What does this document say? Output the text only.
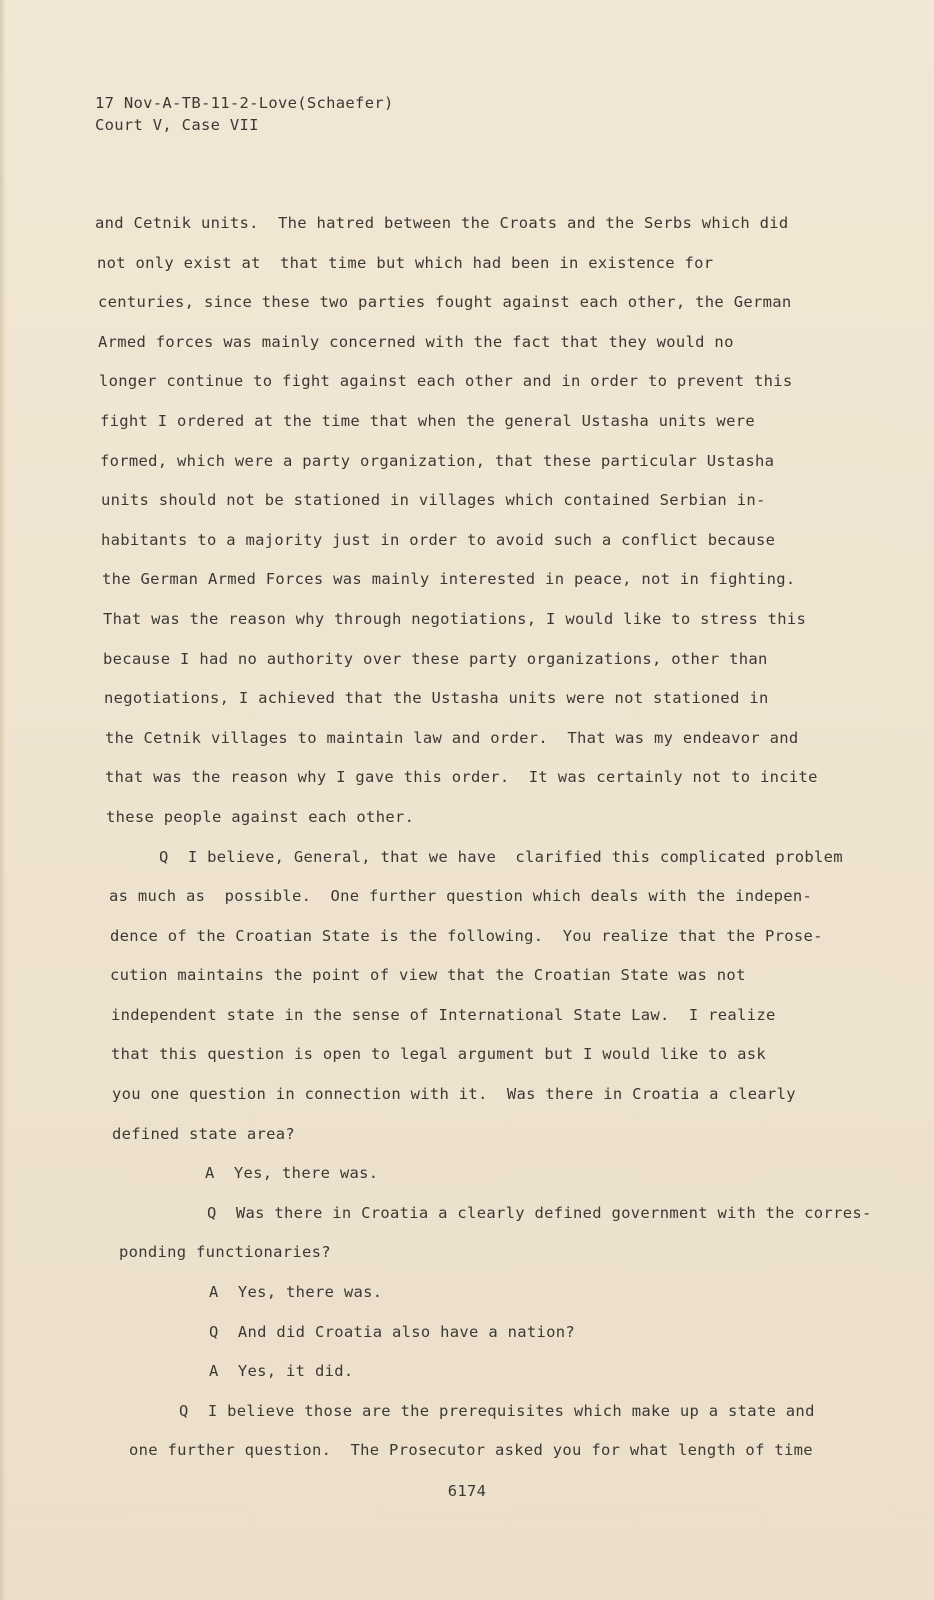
17 Nov-A-TB-11-2-Love(Schaefer)
Court V, Case VII
and Cetnik units.  The hatred between the Croats and the Serbs which did
not only exist at  that time but which had been in existence for
centuries, since these two parties fought against each other, the German
Armed forces was mainly concerned with the fact that they would no
longer continue to fight against each other and in order to prevent this
fight I ordered at the time that when the general Ustasha units were
formed, which were a party organization, that these particular Ustasha
units should not be stationed in villages which contained Serbian in-
habitants to a majority just in order to avoid such a conflict because
the German Armed Forces was mainly interested in peace, not in fighting.
That was the reason why through negotiations, I would like to stress this
because I had no authority over these party organizations, other than
negotiations, I achieved that the Ustasha units were not stationed in
the Cetnik villages to maintain law and order.  That was my endeavor and
that was the reason why I gave this order.  It was certainly not to incite
these people against each other.
Q  I believe, General, that we have  clarified this complicated problem
as much as  possible.  One further question which deals with the indepen-
dence of the Croatian State is the following.  You realize that the Prose-
cution maintains the point of view that the Croatian State was not
independent state in the sense of International State Law.  I realize
that this question is open to legal argument but I would like to ask
you one question in connection with it.  Was there in Croatia a clearly
defined state area?
A  Yes, there was.
Q  Was there in Croatia a clearly defined government with the corres-
ponding functionaries?
A  Yes, there was.
Q  And did Croatia also have a nation?
A  Yes, it did.
Q  I believe those are the prerequisites which make up a state and
one further question.  The Prosecutor asked you for what length of time
6174
